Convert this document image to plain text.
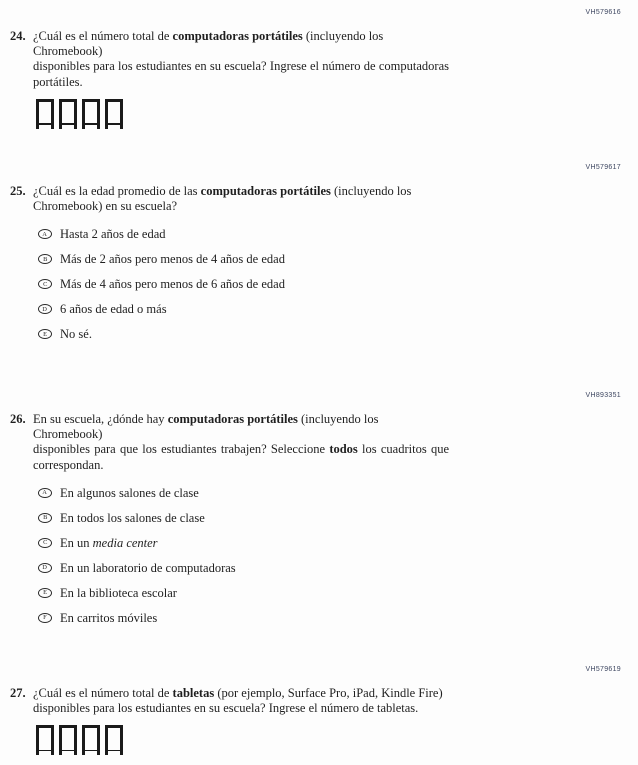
VH579616
24. ¿Cuál es el número total de computadoras portátiles (incluyendo los Chromebook)
disponibles para los estudiantes en su escuela? Ingrese el número de computadoras
portátiles.
VH579617
25. ¿Cuál es la edad promedio de las computadoras portátiles (incluyendo los
Chromebook) en su escuela?
A Hasta 2 años de edad
B Más de 2 años pero menos de 4 años de edad
C Más de 4 años pero menos de 6 años de edad
D 6 años de edad o más
E No sé.
VH893351
26. En su escuela, ¿dónde hay computadoras portátiles (incluyendo los Chromebook)
disponibles para que los estudiantes trabajen? Seleccione todos los cuadritos que
correspondan.
A En algunos salones de clase
B En todos los salones de clase
C En un media center
D En un laboratorio de computadoras
E En la biblioteca escolar
F En carritos móviles
VH579619
27. ¿Cuál es el número total de tabletas (por ejemplo, Surface Pro, iPad, Kindle Fire)
disponibles para los estudiantes en su escuela? Ingrese el número de tabletas.
